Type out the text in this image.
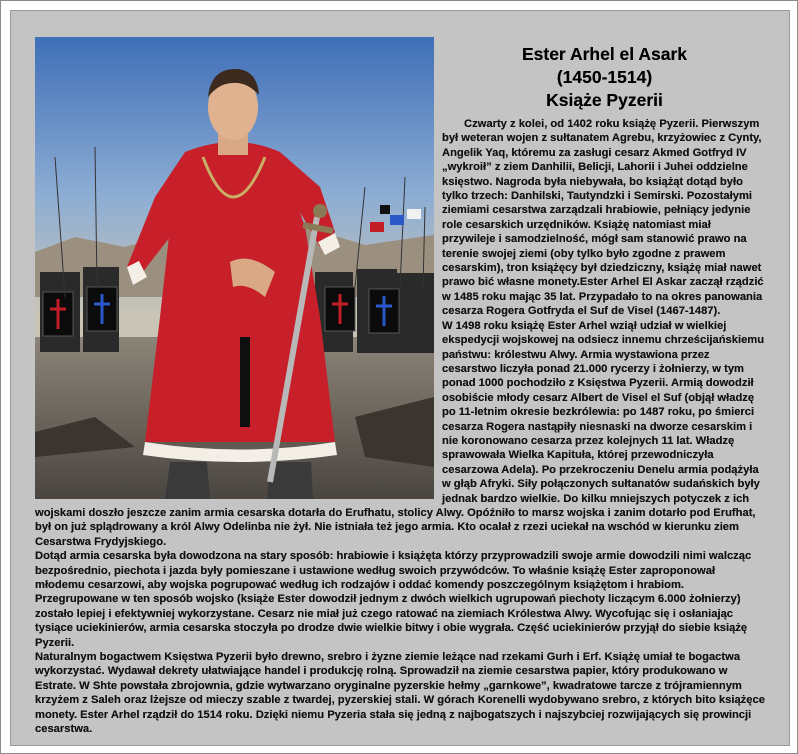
Ester Arhel el Asark
(1450-1514)
Książe Pyzerii

Czwarty z kolei, od 1402 roku książę Pyzerii. Pierwszym był weteran wojen z sułtanatem Agrebu, krzyżowiec z Cynty, Angelik Yaq, któremu za zasługi cesarz Akmed Gotfryd IV „wykroił” z ziem Danhilii, Belicji, Lahorii i Juhei oddzielne księstwo. Nagroda była niebywała, bo książąt dotąd było tylko trzech: Danhilski, Tautyndzki i Semirski. Pozostałymi ziemiami cesarstwa zarządzali hrabiowie, pełniący jedynie role cesarskich urzędników. Książę natomiast miał przywileje i samodzielność, mógł sam stanowić prawo na terenie swojej ziemi (oby tylko było zgodne z prawem cesarskim), tron książęcy był dziedziczny, książę miał nawet prawo bić własne monety.Ester Arhel El Askar zaczął rządzić w 1485 roku mając 35 lat. Przypadało to na okres panowania cesarza Rogera Gotfryda el Suf de Visel (1467-1487).

W 1498 roku książę Ester Arhel wziął udział w wielkiej ekspedycji wojskowej na odsiecz innemu chrześcijańskiemu państwu: królestwu Alwy. Armia wystawiona przez cesarstwo liczyła ponad 21.000 rycerzy i żołnierzy, w tym ponad 1000 pochodziło z Księstwa Pyzerii. Armią dowodził osobiście młody cesarz Albert de Visel el Suf (objął władzę po 11-letnim okresie bezkrólewia: po 1487 roku, po śmierci cesarza Rogera nastąpiły niesnaski na dworze cesarskim i nie koronowano cesarza przez kolejnych 11 lat. Władzę sprawowała Wielka Kapituła, której przewodniczyła cesarzowa Adela). Po przekroczeniu Denelu armia podążyła w głąb Afryki. Siły połączonych sułtanatów sudańskich były jednak bardzo wielkie. Do kilku mniejszych potyczek z ich wojskami doszło jeszcze zanim armia cesarska dotarła do Erufhatu, stolicy Alwy. Opóźniło to marsz wojska i zanim dotarło pod Erufhat, był on już splądrowany a król Alwy Odelinba nie żył. Nie istniała też jego armia. Kto ocalał z rzezi uciekał na wschód w kierunku ziem Cesarstwa Frydyjskiego.

Dotąd armia cesarska była dowodzona na stary sposób: hrabiowie i książęta którzy przyprowadzili swoje armie dowodzili nimi walcząc bezpośrednio, piechota i jazda były pomieszane i ustawione według swoich przywódców. To właśnie książę Ester zaproponował młodemu cesarzowi, aby wojska pogrupować według ich rodzajów i oddać komendy poszczególnym książętom i hrabiom. Przegrupowane w ten sposób wojsko (książe Ester dowodził jednym z dwóch wielkich ugrupowań piechoty liczącym 6.000 żołnierzy) zostało lepiej i efektywniej wykorzystane. Cesarz nie miał już czego ratować na ziemiach Królestwa Alwy. Wycofując się i osłaniając tysiące uciekinierów, armia cesarska stoczyła po drodze dwie wielkie bitwy i obie wygrała. Część uciekinierów przyjął do siebie książę Pyzerii.

Naturalnym bogactwem Księstwa Pyzerii było drewno, srebro i żyzne ziemie leżące nad rzekami Gurh i Erf. Książę umiał te bogactwa wykorzystać. Wydawał dekrety ułatwiające handel i produkcję rolną. Sprowadził na ziemie cesarstwa papier, który produkowano w Estrate. W Shte powstała zbrojownia, gdzie wytwarzano oryginalne pyzerskie hełmy „garnkowe”, kwadratowe tarcze z trójramiennym krzyżem z Saleh oraz lżejsze od mieczy szable z twardej, pyzerskiej stali. W górach Korenelli wydobywano srebro, z których bito książęce monety. Ester Arhel rządził do 1514 roku. Dzięki niemu Pyzeria stała się jedną z najbogatszych i najszybciej rozwijających się prowincji cesarstwa.
